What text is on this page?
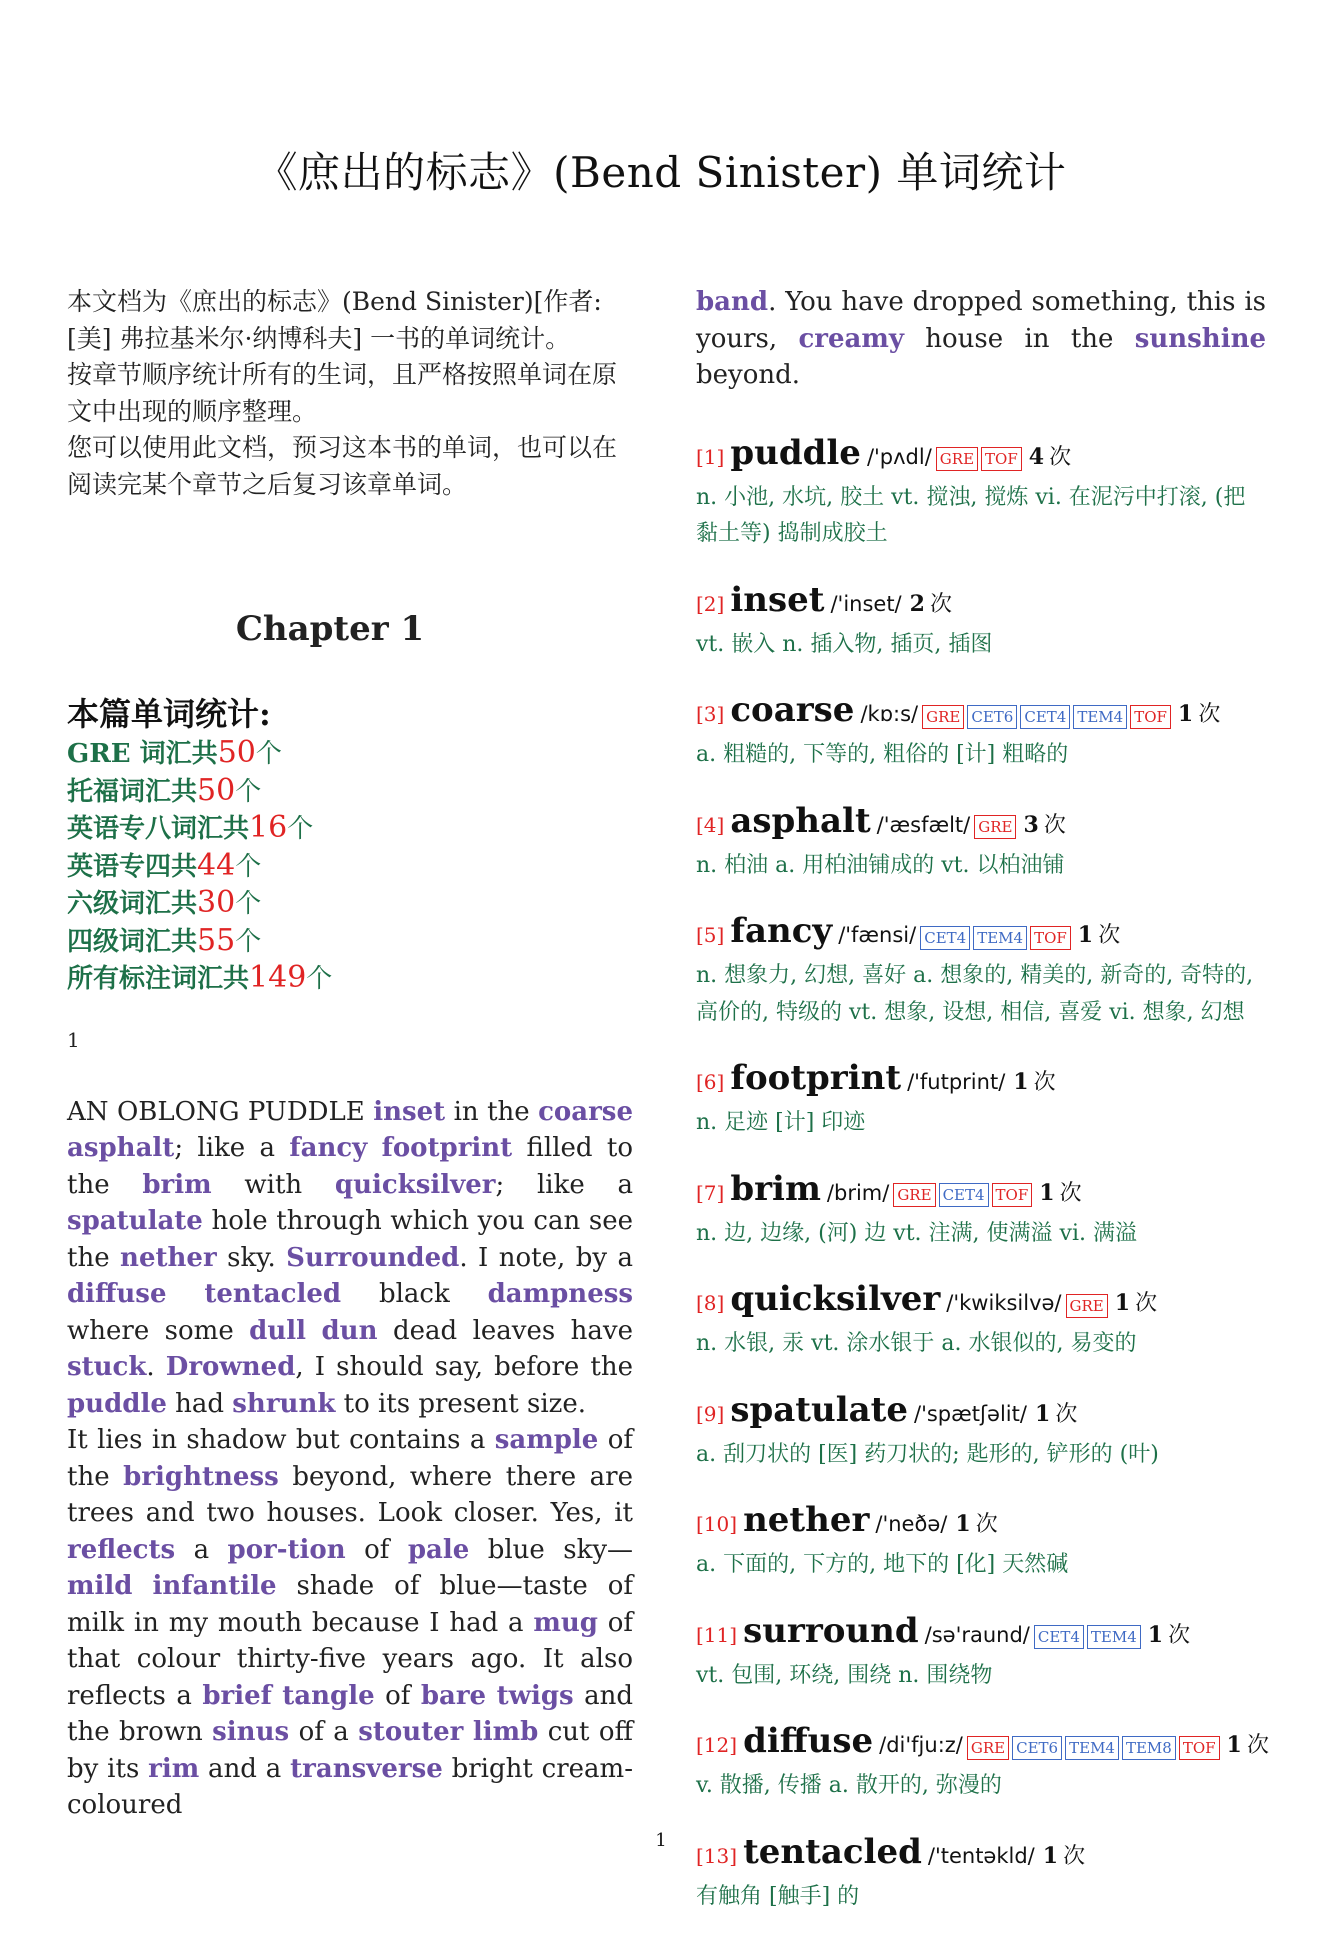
《庶出的标志》(Bend Sinister) 单词统计

本文档为《庶出的标志》(Bend Sinister)[作者: [美] 弗拉基米尔·纳博科夫] 一书的单词统计。

按章节顺序统计所有的生词，且严格按照单词在原文中出现的顺序整理。

您可以使用此文档，预习这本书的单词，也可以在阅读完某个章节之后复习该章单词。

Chapter 1
本篇单词统计:
GRE 词汇共50个
托福词汇共50个
英语专八词汇共16个
英语专四共44个
六级词汇共30个
四级词汇共55个
所有标注词汇共149个
1

AN OBLONG PUDDLE inset in the coarse asphalt; like a fancy footprint filled to the brim with quicksilver; like a spatulate hole through which you can see the nether sky. Surrounded. I note, by a diffuse tentacled black dampness where some dull dun dead leaves have stuck. Drowned, I should say, before the puddle had shrunk to its present size.

It lies in shadow but contains a sample of the brightness beyond, where there are trees and two houses. Look closer. Yes, it reflects a por-tion of pale blue sky—mild infantile shade of blue—taste of milk in my mouth because I had a mug of that colour thirty-five years ago. It also reflects a brief tangle of bare twigs and the brown sinus of a stouter limb cut off by its rim and a transverse bright cream-coloured

band. You have dropped something, this is yours, creamy house in the sunshine beyond.
[1] puddle /'pʌdl/ GRE TOF 4 次
n. 小池, 水坑, 胶土 vt. 搅浊, 搅炼 vi. 在泥污中打滚, (把黏土等) 捣制成胶土
[2] inset /'inset/ 2 次
vt. 嵌入 n. 插入物, 插页, 插图
[3] coarse /kɒ:s/ GRE CET6 CET4 TEM4 TOF 1 次
a. 粗糙的, 下等的, 粗俗的 [计] 粗略的
[4] asphalt /'æsfælt/ GRE 3 次
n. 柏油 a. 用柏油铺成的 vt. 以柏油铺
[5] fancy /'fænsi/ CET4 TEM4 TOF 1 次
n. 想象力, 幻想, 喜好 a. 想象的, 精美的, 新奇的, 奇特的, 高价的, 特级的 vt. 想象, 设想, 相信, 喜爱 vi. 想象, 幻想
[6] footprint /'futprint/ 1 次
n. 足迹 [计] 印迹
[7] brim /brim/ GRE CET4 TOF 1 次
n. 边, 边缘, (河) 边 vt. 注满, 使满溢 vi. 满溢
[8] quicksilver /'kwiksilvə/ GRE 1 次
n. 水银, 汞 vt. 涂水银于 a. 水银似的, 易变的
[9] spatulate /'spætʃəlit/ 1 次
a. 刮刀状的 [医] 药刀状的; 匙形的, 铲形的 (叶)
[10] nether /'neðə/ 1 次
a. 下面的, 下方的, 地下的 [化] 天然碱
[11] surround /sə'raund/ CET4 TEM4 1 次
vt. 包围, 环绕, 围绕 n. 围绕物
[12] diffuse /di'fju:z/ GRE CET6 TEM4 TEM8 TOF 1 次
v. 散播, 传播 a. 散开的, 弥漫的
[13] tentacled /'tentəkld/ 1 次
有触角 [触手] 的
1
